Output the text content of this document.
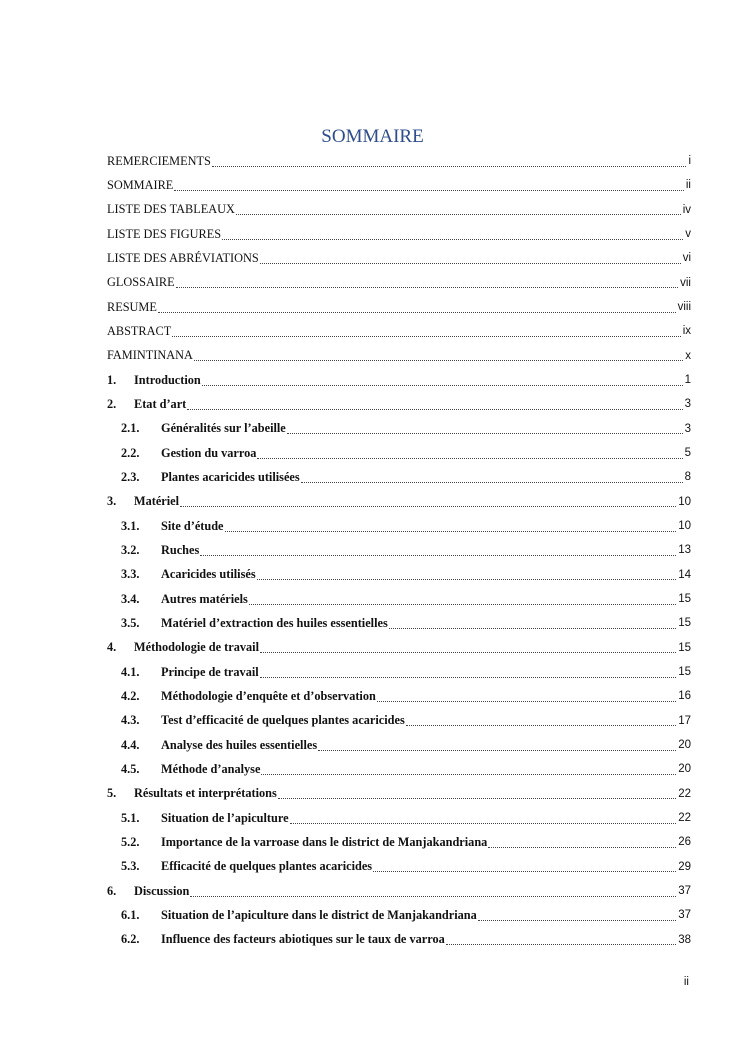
SOMMAIRE
REMERCIEMENTS	i
SOMMAIRE	ii
LISTE DES TABLEAUX	iv
LISTE DES FIGURES	v
LISTE DES ABRÉVIATIONS	vi
GLOSSAIRE	vii
RESUME	viii
ABSTRACT	ix
FAMINTINANA	x
1.	Introduction	1
2.	Etat d’art	3
2.1.	Généralités sur l’abeille	3
2.2.	Gestion du varroa	5
2.3.	Plantes acaricides utilisées	8
3.	Matériel	10
3.1.	Site d’étude	10
3.2.	Ruches	13
3.3.	Acaricides utilisés	14
3.4.	Autres matériels	15
3.5.	Matériel d’extraction des huiles essentielles	15
4.	Méthodologie de travail	15
4.1.	Principe de travail	15
4.2.	Méthodologie d’enquête et d’observation	16
4.3.	Test d’efficacité de quelques plantes acaricides	17
4.4.	Analyse des huiles essentielles	20
4.5.	Méthode d’analyse	20
5.	Résultats et interprétations	22
5.1.	Situation de l’apiculture	22
5.2.	Importance de la varroase dans le district de Manjakandriana	26
5.3.	Efficacité de quelques plantes acaricides	29
6.	Discussion	37
6.1.	Situation de l’apiculture dans le district de Manjakandriana	37
6.2.	Influence des facteurs abiotiques sur le taux de varroa	38
ii
